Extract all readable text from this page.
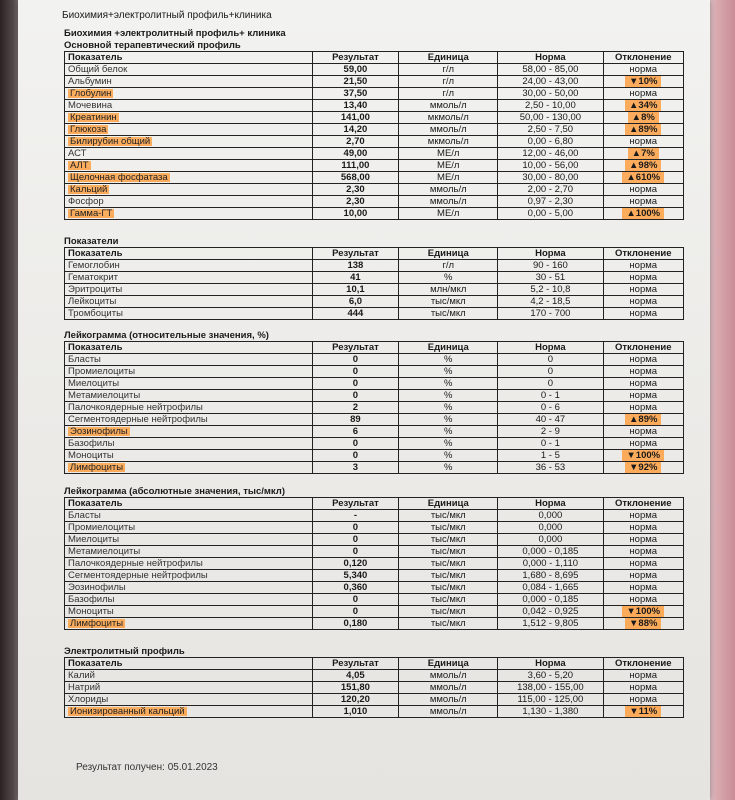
Биохимия+электролитный профиль+клиника
Биохимия +электролитный профиль+ клиника
Основной терапевтический профиль
Показатель	Результат	Единица	Норма	Отклонение
Общий белок	59,00	г/л	58,00 - 85,00	норма
Альбумин	21,50	г/л	24,00 - 43,00	▼10%
Глобулин	37,50	г/л	30,00 - 50,00	норма
Мочевина	13,40	ммоль/л	2,50 - 10,00	▲34%
Креатинин	141,00	мкмоль/л	50,00 - 130,00	▲8%
Глюкоза	14,20	ммоль/л	2,50 - 7,50	▲89%
Билирубин общий	2,70	мкмоль/л	0,00 - 6,80	норма
АСТ	49,00	МЕ/л	12,00 - 46,00	▲7%
АЛТ	111,00	МЕ/л	10,00 - 56,00	▲98%
Щелочная фосфатаза	568,00	МЕ/л	30,00 - 80,00	▲610%
Кальций	2,30	ммоль/л	2,00 - 2,70	норма
Фосфор	2,30	ммоль/л	0,97 - 2,30	норма
Гамма-ГТ	10,00	МЕ/л	0,00 - 5,00	▲100%
Показатели
Показатель	Результат	Единица	Норма	Отклонение
Гемоглобин	138	г/л	90 - 160	норма
Гематокрит	41	%	30 - 51	норма
Эритроциты	10,1	млн/мкл	5,2 - 10,8	норма
Лейкоциты	6,0	тыс/мкл	4,2 - 18,5	норма
Тромбоциты	444	тыс/мкл	170 - 700	норма
Лейкограмма (относительные значения, %)
Показатель	Результат	Единица	Норма	Отклонение
Бласты	0	%	0	норма
Промиелоциты	0	%	0	норма
Миелоциты	0	%	0	норма
Метамиелоциты	0	%	0 - 1	норма
Палочкоядерные нейтрофилы	2	%	0 - 6	норма
Сегментоядерные нейтрофилы	89	%	40 - 47	▲89%
Эозинофилы	6	%	2 - 9	норма
Базофилы	0	%	0 - 1	норма
Моноциты	0	%	1 - 5	▼100%
Лимфоциты	3	%	36 - 53	▼92%
Лейкограмма (абсолютные значения, тыс/мкл)
Показатель	Результат	Единица	Норма	Отклонение
Бласты	-	тыс/мкл	0,000	норма
Промиелоциты	0	тыс/мкл	0,000	норма
Миелоциты	0	тыс/мкл	0,000	норма
Метамиелоциты	0	тыс/мкл	0,000 - 0,185	норма
Палочкоядерные нейтрофилы	0,120	тыс/мкл	0,000 - 1,110	норма
Сегментоядерные нейтрофилы	5,340	тыс/мкл	1,680 - 8,695	норма
Эозинофилы	0,360	тыс/мкл	0,084 - 1,665	норма
Базофилы	0	тыс/мкл	0,000 - 0,185	норма
Моноциты	0	тыс/мкл	0,042 - 0,925	▼100%
Лимфоциты	0,180	тыс/мкл	1,512 - 9,805	▼88%
Электролитный профиль
Показатель	Результат	Единица	Норма	Отклонение
Калий	4,05	ммоль/л	3,60 - 5,20	норма
Натрий	151,80	ммоль/л	138,00 - 155,00	норма
Хлориды	120,20	ммоль/л	115,00 - 125,00	норма
Ионизированный кальций	1,010	ммоль/л	1,130 - 1,380	▼11%
Результат получен: 05.01.2023
